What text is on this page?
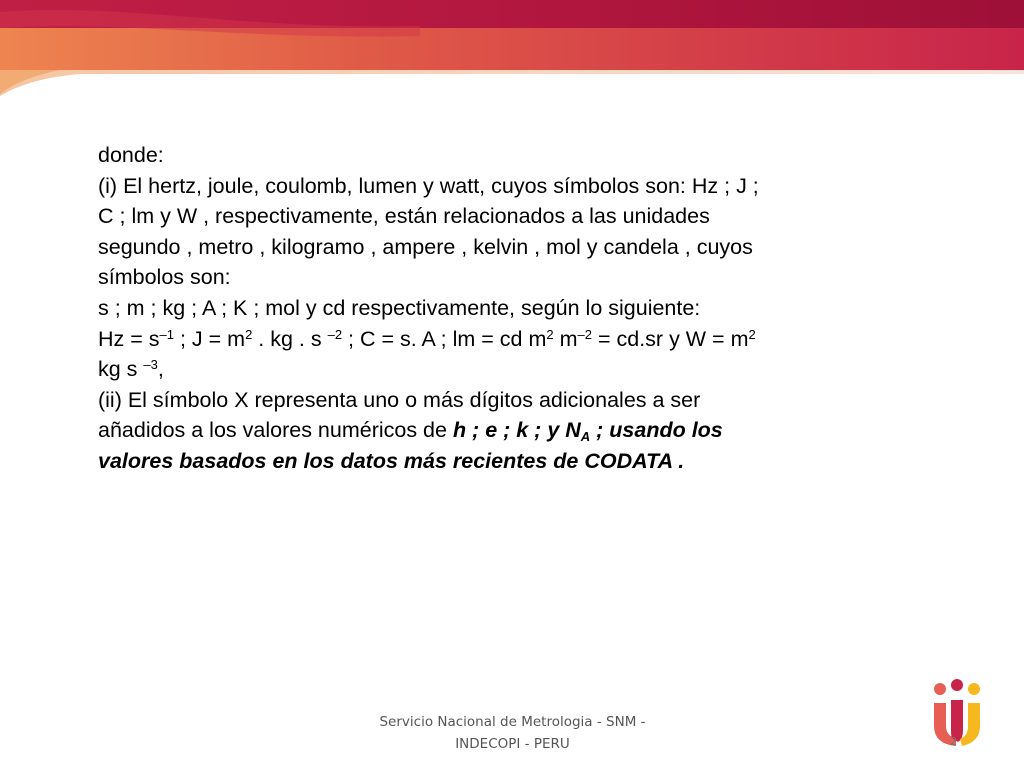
donde:

(i) El hertz, joule, coulomb, lumen y watt, cuyos símbolos son: Hz ; J ;

C ; lm y W , respectivamente, están relacionados a las unidades

segundo , metro , kilogramo , ampere , kelvin , mol y candela , cuyos

símbolos son:

s ; m ; kg ; A ; K ; mol y cd respectivamente, según lo siguiente:

$Hz = s^{-1}$ ; $J = m^2$ . kg . s $^{-2}$ ; C = s. A ; lm = cd $m^2$ $m^{-2} = cd.sr$ y $W = m^2$

kg s $^{-3}$,

(ii) El símbolo X representa uno o más dígitos adicionales a ser

añadidos a los valores numéricos de h ; e ; k ; y $N_A$ ; usando los

valores basados en los datos más recientes de CODATA .

Servicio Nacional de Metrologia - SNM -
INDECOPI - PERU	2
